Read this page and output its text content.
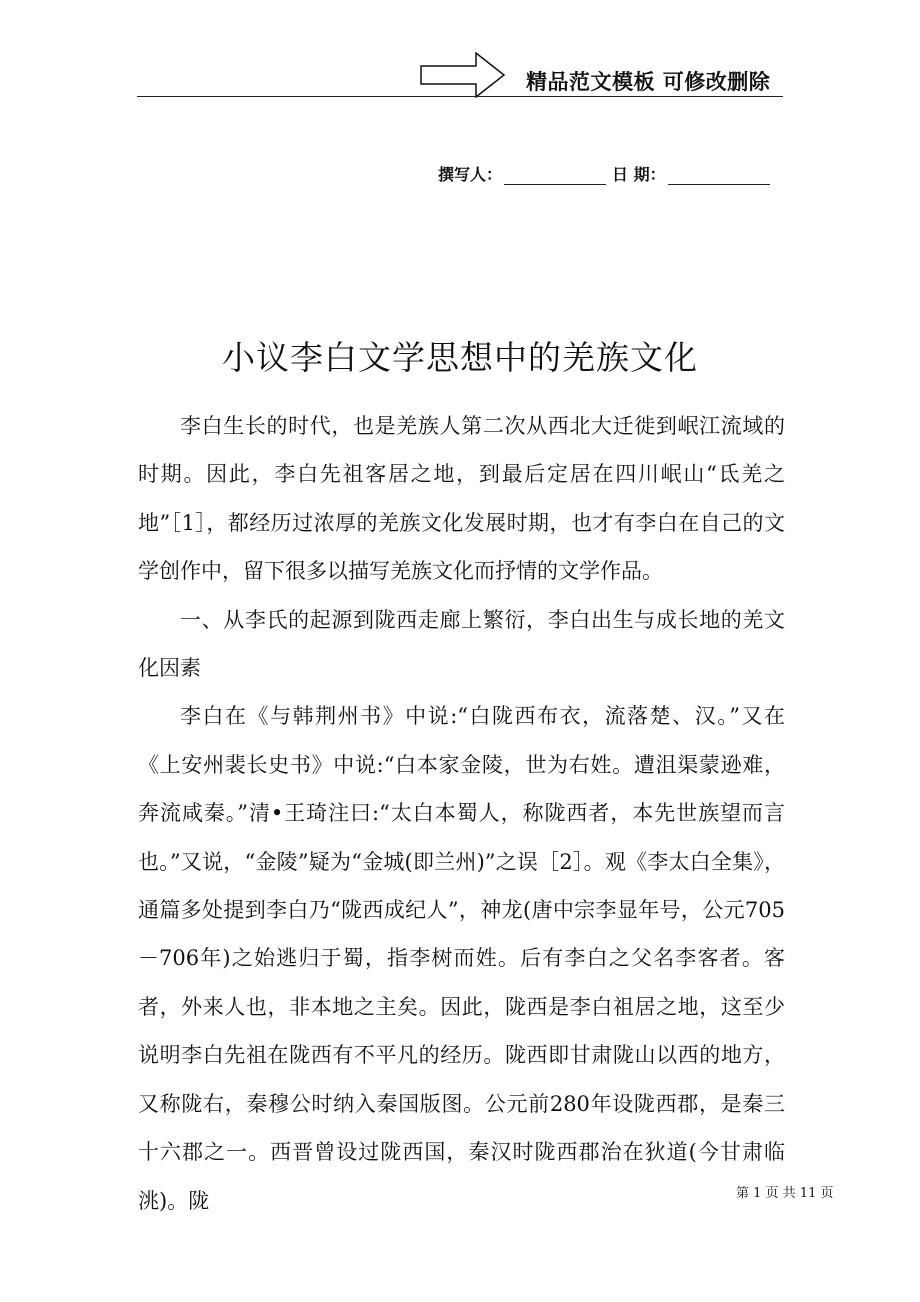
精品范文模板 可修改删除
撰写人：	日 期：
小议李白文学思想中的羌族文化

李白生长的时代，也是羌族人第二次从西北大迁徙到岷江流域的时期。因此，李白先祖客居之地，到最后定居在四川岷山“氐羌之地”［1］，都经历过浓厚的羌族文化发展时期，也才有李白在自己的文学创作中，留下很多以描写羌族文化而抒情的文学作品。

一、从李氏的起源到陇西走廊上繁衍，李白出生与成长地的羌文化因素

李白在《与韩荆州书》中说:“白陇西布衣，流落楚、汉。”又在《上安州裴长史书》中说:“白本家金陵，世为右姓。遭沮渠蒙逊难，奔流咸秦。”清•王琦注曰:“太白本蜀人，称陇西者，本先世族望而言也。”又说，“金陵”疑为“金城(即兰州)”之误［2］。观《李太白全集》，通篇多处提到李白乃“陇西成纪人”，神龙(唐中宗李显年号，公元705－706年)之始逃归于蜀，指李树而姓。后有李白之父名李客者。客者，外来人也，非本地之主矣。因此，陇西是李白祖居之地，这至少说明李白先祖在陇西有不平凡的经历。陇西即甘肃陇山以西的地方，又称陇右，秦穆公时纳入秦国版图。公元前280年设陇西郡，是秦三十六郡之一。西晋曾设过陇西国，秦汉时陇西郡治在狄道(今甘肃临洮)。陇	第 1 页 共 11 页
